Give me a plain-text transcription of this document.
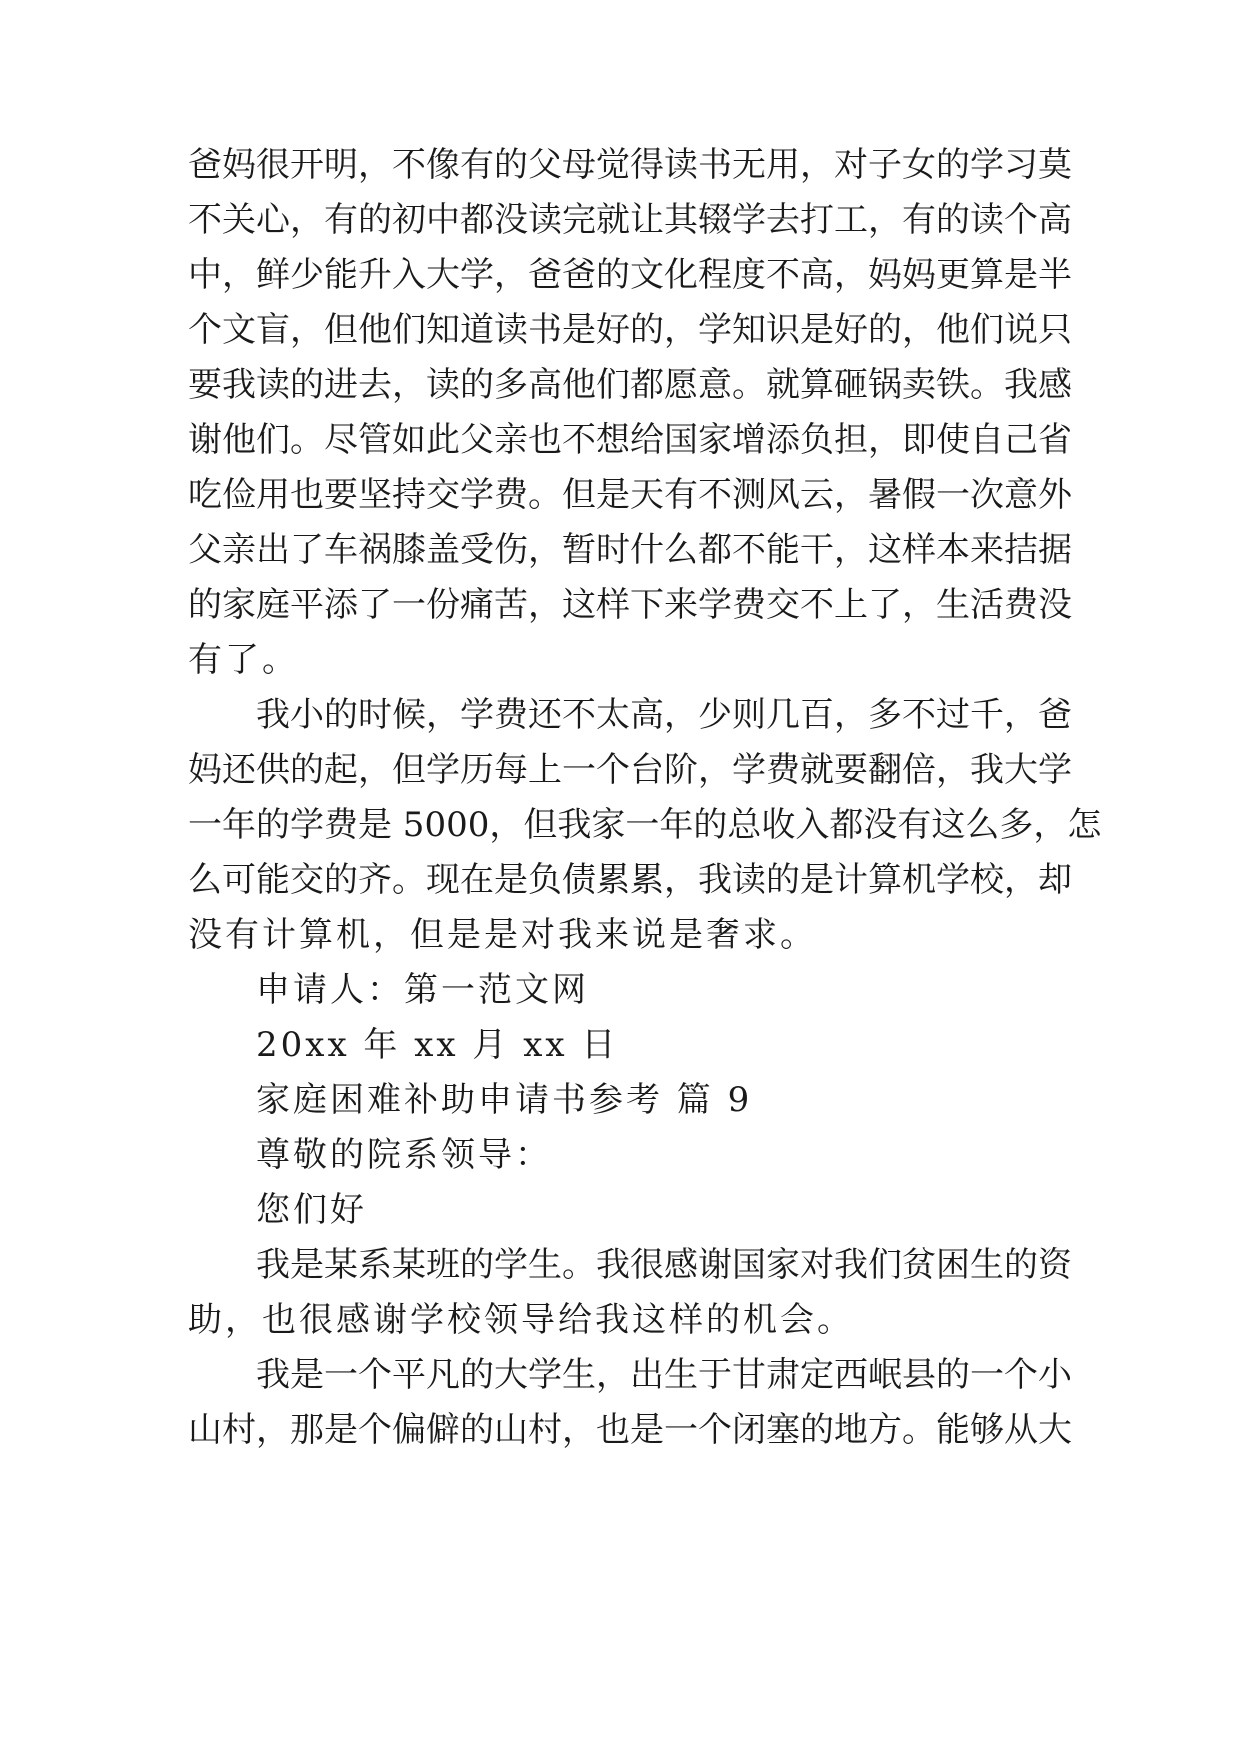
爸妈很开明，不像有的父母觉得读书无用，对子女的学习莫
不关心，有的初中都没读完就让其辍学去打工，有的读个高
中，鲜少能升入大学，爸爸的文化程度不高，妈妈更算是半
个文盲，但他们知道读书是好的，学知识是好的，他们说只
要我读的进去，读的多高他们都愿意。就算砸锅卖铁。我感
谢他们。尽管如此父亲也不想给国家增添负担，即使自己省
吃俭用也要坚持交学费。但是天有不测风云，暑假一次意外
父亲出了车祸膝盖受伤，暂时什么都不能干，这样本来拮据
的家庭平添了一份痛苦，这样下来学费交不上了，生活费没
有了。
我小的时候，学费还不太高，少则几百，多不过千，爸
妈还供的起，但学历每上一个台阶，学费就要翻倍，我大学
一年的学费是 5000，但我家一年的总收入都没有这么多，怎
么可能交的齐。现在是负债累累，我读的是计算机学校，却
没有计算机，但是是对我来说是奢求。
申请人：第一范文网
20xx 年 xx 月 xx 日
家庭困难补助申请书参考 篇 9
尊敬的院系领导：
您们好
我是某系某班的学生。我很感谢国家对我们贫困生的资
助，也很感谢学校领导给我这样的机会。
我是一个平凡的大学生，出生于甘肃定西岷县的一个小
山村，那是个偏僻的山村，也是一个闭塞的地方。能够从大
